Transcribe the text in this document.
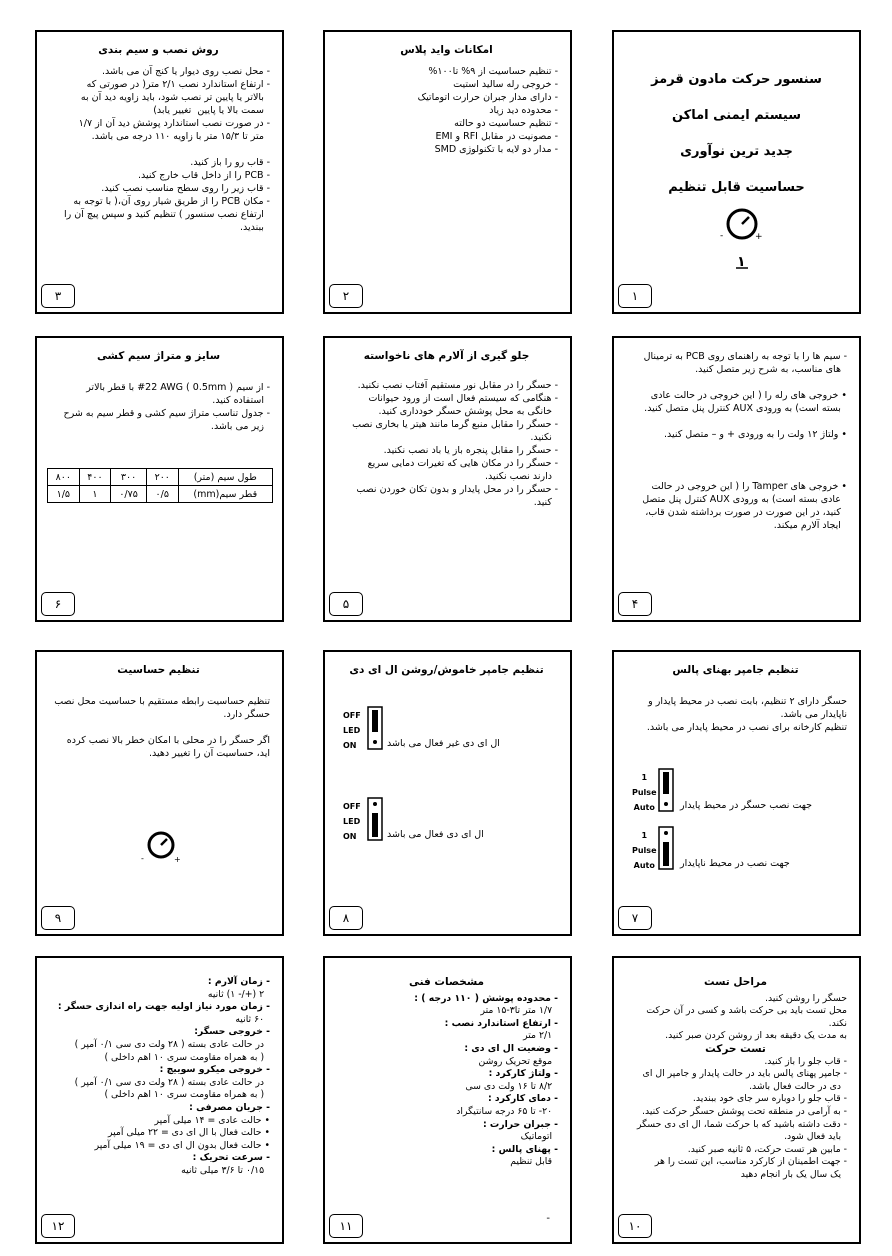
روش نصب و سیم بندی
- محل نصب روی دیوار یا کنج آن می باشد.
- ارتفاع استاندارد نصب ۲/۱ متر( در صورتی که
بالاتر یا پایین تر نصب شود، باید زاویه دید آن به
سمت بالا یا پایین  تغییر یابد)
- در صورت نصب استاندارد پوشش دید آن از ۱/۷
متر تا ۱۵/۳ متر با زاویه ۱۱۰ درجه می باشد.

- قاب رو را باز کنید.
- PCB را از داخل قاب خارج کنید.
- قاب زیر را روی سطح مناسب نصب کنید.
- مکان PCB را از طریق شیار روی آن،( با توجه به
ارتفاع نصب سنسور ) تنظیم کنید و سپس پیچ آن را
ببندید.
۳
امکانات واید پلاس
- تنظیم حساسیت از ۹% تا۱۰۰%
- خروجی رله سالید استیت
- دارای مدار جبران حرارت اتوماتیک
- محدوده دید زیاد
- تنظیم حساسیت دو حالته
- مصونیت در مقابل RFI و EMI
- مدار دو لایه با تکنولوژی SMD
۲
سنسور حرکت مادون قرمز
سیستم ایمنی اماکن
جدید ترین نوآوری
حساسیت قابل تنظیم
-	+
۱
۱
سایز و متراژ سیم کشی
- از سیم ( 0.5mm ) #22 AWG با قطر بالاتر
استفاده کنید.
- جدول تناسب متراژ سیم کشی و قطر سیم به شرح
زیر می باشد.
طول سیم (متر)	۲۰۰	۳۰۰	۴۰۰	۸۰۰
قطر سیم(mm)	۰/۵	۰/۷۵	۱	۱/۵
۶
جلو گیری از آلارم های ناخواسته
- حسگر را در مقابل نور مستقیم آفتاب نصب نکنید.
- هنگامی که سیستم فعال است از ورود حیوانات
خانگی به محل پوشش حسگر خودداری کنید.
- حسگر را مقابل منبع گرما مانند هیتر یا بخاری نصب
نکنید.
- حسگر را مقابل پنجره باز یا باد نصب نکنید.
- حسگر را در مکان هایی که تغیرات دمایی سریع
دارند نصب نکنید.
- حسگر را در محل پایدار و بدون تکان خوردن نصب
کنید.
۵
- سیم ها را با توجه به راهنمای روی PCB به ترمینال
های مناسب، به شرح زیر متصل کنید.

• خروجی های رله را ( این خروجی در حالت عادی
بسته است) به ورودی AUX کنترل پنل متصل کنید.

• ولتاژ ۱۲ ولت را به ورودی + و – متصل کنید.

• خروجی های Tamper را ( این خروجی در حالت
عادی بسته است) به ورودی AUX کنترل پنل متصل
کنید، در این صورت در صورت برداشته شدن قاب،
ایجاد آلارم میکند.
۴
تنظیم حساسیت
تنظیم حساسیت رابطه مستقیم با حساسیت محل نصب
حسگر دارد.

اگر حسگر را در محلی با امکان خطر بالا نصب کرده
اید، حساسیت آن را تغییر دهید.
-	+
۹
تنظیم جامپر خاموش/روشن ال ای دی
OFF
LED
ON	ال ای دی غیر فعال می باشد
OFF
LED
ON	ال ای دی فعال می باشد
۸
تنظیم جامپر بهنای پالس
حسگر دارای ۲ تنظیم، بابت نصب در محیط پایدار و
ناپایدار می باشد.
تنظیم کارخانه برای نصب در محیط پایدار می باشد.
1
Pulse
Auto	جهت نصب حسگر در محیط پایدار
1
Pulse
Auto	جهت نصب در محیط ناپایدار
۷
- زمان آلارم :
۲ (+/- ۱) ثانیه
- زمان مورد نیاز اولیه جهت راه اندازی حسگر :
۶۰ ثانیه
- خروجی حسگر:
در حالت عادی بسته ( ۲۸ ولت دی سی ۰/۱ آمپر )
( به همراه مقاومت سری ۱۰ اهم داخلی )
- خروجی میکرو سوییچ :
در حالت عادی بسته ( ۲۸ ولت دی سی ۰/۱ آمپر )
( به همراه مقاومت سری ۱۰ اهم داخلی )
- جریان مصرفی :
• حالت عادی = ۱۴ میلی آمپر
• حالت فعال با ال ای دی = ۲۲ میلی آمپر
• حالت فعال بدون ال ای دی = ۱۹ میلی آمپر
- سرعت تحریک :
۰/۱۵ تا ۳/۶ میلی ثانیه
۱۲
مشخصات فنی
- محدوده پوشش ( ۱۱۰ درجه ) :
۱/۷ متر تا۳-۱۵ متر
- ارتفاع استاندارد نصب :
۲/۱ متر
- وضعیت ال ای دی :
موقع تحریک روشن
- ولتاژ کارکرد :
۸/۲ تا ۱۶ ولت دی سی
- دمای کارکرد :
۲۰- تا ۶۵ درجه سانتیگراد
- جبران حرارت :
اتوماتیک
- پهنای پالس :
قابل تنظیم
-
۱۱
مراحل تست
حسگر را روشن کنید.
محل تست باید بی حرکت باشد و کسی در آن حرکت
نکند.
به مدت یک دقیقه بعد از روشن کردن صبر کنید.
تست حرکت
- قاب جلو را باز کنید.
- جامپر پهنای پالس باید در حالت پایدار و جامپر ال ای
دی در حالت فعال باشد.
- قاب جلو را دوباره سر جای خود ببندید.
- به آرامی در منطقه تحت پوشش حسگر حرکت کنید.
- دقت داشته باشید که با حرکت شما، ال ای دی حسگر
باید فعال شود.
- مابین هر تست حرکت، ۵ ثانیه صبر کنید.
- جهت اطمینان از کارکرد مناسب، این تست را هر
یک سال یک بار انجام دهید
۱۰
